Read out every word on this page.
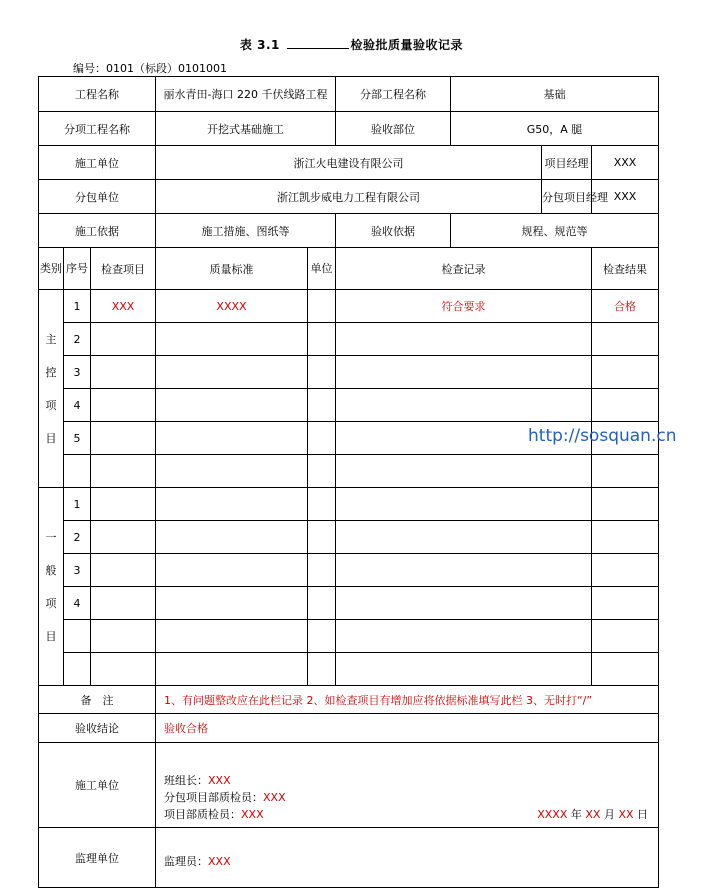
表 3.1	检验批质量验收记录
编号：0101（标段）0101001
工程名称			丽水青田-海口 220 千伏线路工程		分部工程名称	基础		
分项工程名称			开挖式基础施工		验收部位	G50，A 腿		
施工单位			浙江火电建设有限公司				项目经理	XXX
分包单位			浙江凯步威电力工程有限公司				分包项目经理	XXX
施工依据			施工措施、图纸等		验收依据	规程、规范等		
类别	序号	检查项目	质量标准	单位	检查记录			检查结果
主控项目	1	XXX	XXXX		符合要求			合格
	2							
	3							
	4							
	5							

一般项目	1							
	2							
	3							
	4							

备　注			1、有问题整改应在此栏记录 2、如检查项目有增加应将依据标准填写此栏 3、无时打“/”					
验收结论			验收合格					
施工单位			班组长：XXX
分包项目部质检员：XXX
项目部质检员：XXX XXXX 年 XX 月 XX 日					

监理单位			监理员：XXX					
http://sosquan.cn
